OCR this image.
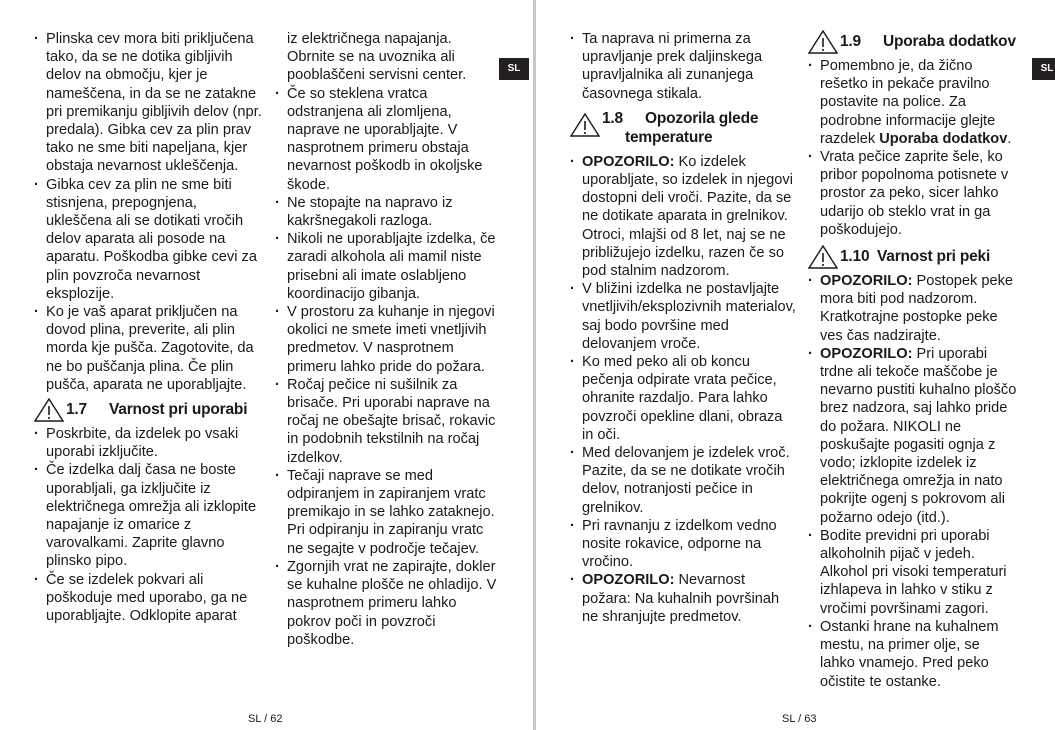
· Plinska cev mora biti priključena tako, da se ne dotika gibljivih delov na območju, kjer je nameščena, in da se ne zatakne pri premikanju gibljivih delov (npr. predala). Gibka cev za plin prav tako ne sme biti napeljana, kjer obstaja nevarnost ukleščenja.
· Gibka cev za plin ne sme biti stisnjena, prepognjena, ukleščena ali se dotikati vročih delov aparata ali posode na aparatu. Poškodba gibke cevi za plin povzroča nevarnost eksplozije.
· Ko je vaš aparat priključen na dovod plina, preverite, ali plin morda kje pušča. Zagotovite, da ne bo puščanja plina. Če plin pušča, aparata ne uporabljajte.
1.7 Varnost pri uporabi
· Poskrbite, da izdelek po vsaki uporabi izključite.
· Če izdelka dalj časa ne boste uporabljali, ga izključite iz električnega omrežja ali izklopite napajanje iz omarice z varovalkami. Zaprite glavno plinsko pipo.
· Če se izdelek pokvari ali poškoduje med uporabo, ga ne uporabljajte. Odklopite aparat
iz električnega napajanja. Obrnite se na uvoznika ali pooblaščeni servisni center.
· Če so steklena vratca odstranjena ali zlomljena, naprave ne uporabljajte. V nasprotnem primeru obstaja nevarnost poškodb in okoljske škode.
· Ne stopajte na napravo iz kakršnegakoli razloga.
· Nikoli ne uporabljajte izdelka, če zaradi alkohola ali mamil niste prisebni ali imate oslabljeno koordinacijo gibanja.
· V prostoru za kuhanje in njegovi okolici ne smete imeti vnetljivih predmetov. V nasprotnem primeru lahko pride do požara.
· Ročaj pečice ni sušilnik za brisače. Pri uporabi naprave na ročaj ne obešajte brisač, rokavic in podobnih tekstilnih na ročaj izdelkov.
· Tečaji naprave se med odpiranjem in zapiranjem vratc premikajo in se lahko zataknejo. Pri odpiranju in zapiranju vratc ne segajte v področje tečajev.
· Zgornjih vrat ne zapirajte, dokler se kuhalne plošče ne ohladijo. V nasprotnem primeru lahko pokrov poči in povzroči poškodbe.
SL
SL / 62
· Ta naprava ni primerna za upravljanje prek daljinskega upravljalnika ali zunanjega časovnega stikala.
1.8 Opozorila glede
temperature
· OPOZORILO: Ko izdelek uporabljate, so izdelek in njegovi dostopni deli vroči. Pazite, da se ne dotikate aparata in grelnikov. Otroci, mlajši od 8 let, naj se ne približujejo izdelku, razen če so pod stalnim nadzorom.
· V bližini izdelka ne postavljajte vnetljivih/eksplozivnih materialov, saj bodo površine med delovanjem vroče.
· Ko med peko ali ob koncu pečenja odpirate vrata pečice, ohranite razdaljo. Para lahko povzroči opekline dlani, obraza in oči.
· Med delovanjem je izdelek vroč. Pazite, da se ne dotikate vročih delov, notranjosti pečice in grelnikov.
· Pri ravnanju z izdelkom vedno nosite rokavice, odporne na vročino.
· OPOZORILO: Nevarnost požara: Na kuhalnih površinah ne shranjujte predmetov.
1.9 Uporaba dodatkov
· Pomembno je, da žično rešetko in pekače pravilno postavite na police. Za podrobne informacije glejte razdelek Uporaba dodatkov.
· Vrata pečice zaprite šele, ko pribor popolnoma potisnete v prostor za peko, sicer lahko udarijo ob steklo vrat in ga poškodujejo.
1.10 Varnost pri peki
· OPOZORILO: Postopek peke mora biti pod nadzorom. Kratkotrajne postopke peke ves čas nadzirajte.
· OPOZORILO: Pri uporabi trdne ali tekoče maščobe je nevarno pustiti kuhalno ploščo brez nadzora, saj lahko pride do požara. NIKOLI ne poskušajte pogasiti ognja z vodo; izklopite izdelek iz električnega omrežja in nato pokrijte ogenj s pokrovom ali požarno odejo (itd.).
· Bodite previdni pri uporabi alkoholnih pijač v jedeh. Alkohol pri visoki temperaturi izhlapeva in lahko v stiku z vročimi površinami zagori.
· Ostanki hrane na kuhalnem mestu, na primer olje, se lahko vnamejo. Pred peko očistite te ostanke.
SL
SL / 63
